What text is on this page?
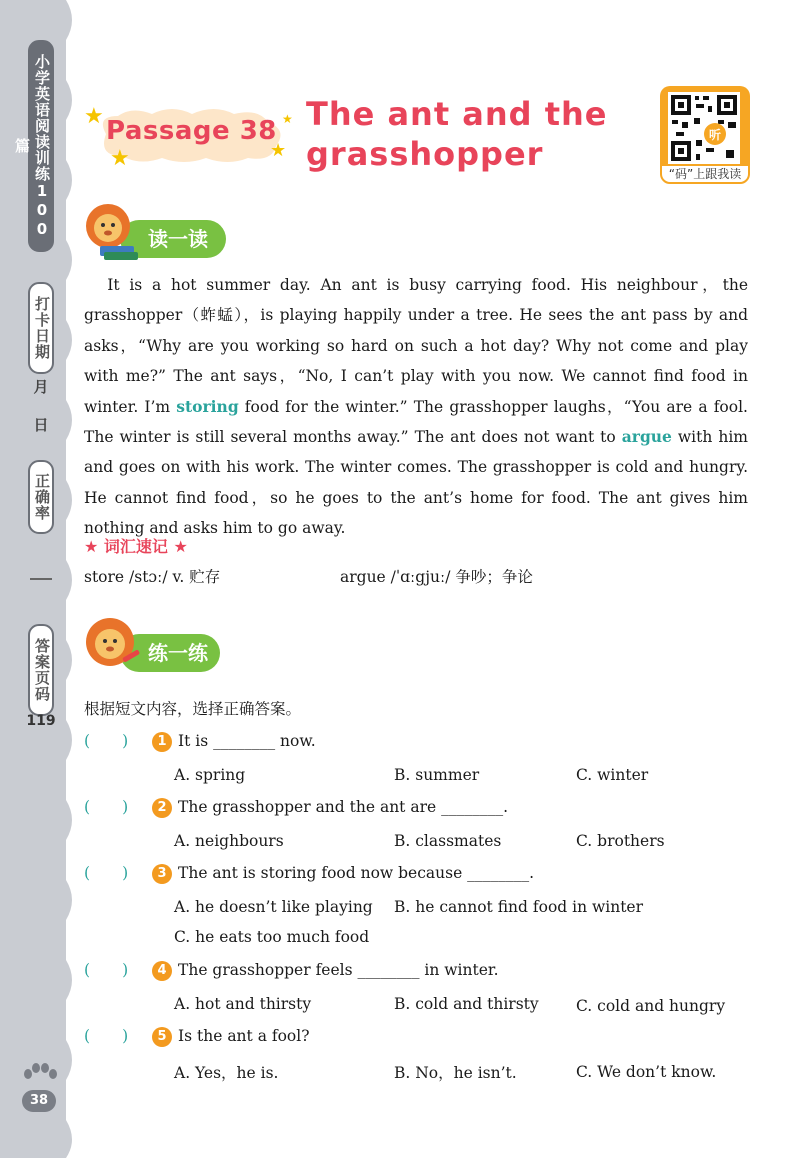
小学英语阅读训练100篇
打卡日期
月
日
正确率
答案页码
119
38
Passage 38
★
★	★
★ The ant and the
grasshopper	听
“码”上跟我读
读一读

  It is a hot summer day. An ant is busy carrying food. His neighbour，the grasshopper（蚱蜢），is playing happily under a tree. He sees the ant pass by and asks，“Why are you working so hard on such a hot day? Why not come and play with me?” The ant says，“No, I can’t play with you now. We cannot find food in winter. I’m storing food for the winter.” The grasshopper laughs，“You are a fool. The winter is still several months away.” The ant does not want to argue with him and goes on with his work. The winter comes. The grasshopper is cold and hungry. He cannot find food，so he goes to the ant’s home for food. The ant gives him nothing and asks him to go away.

★ 词汇速记 ★
store /stɔː/ v. 贮存	argue /ˈɑːgjuː/ 争吵；争论
练一练
根据短文内容，选择正确答案。
( ) 1 It is ________ now.
A. spring	B. summer	C. winter
( ) 2 The grasshopper and the ant are ________.
A. neighbours	B. classmates	C. brothers
( ) 3 The ant is storing food now because ________.
A. he doesn’t like playing B. he cannot find food in winter
C. he eats too much food
( ) 4 The grasshopper feels ________ in winter.
A. hot and thirsty	B. cold and thirsty C. cold and hungry
( ) 5 Is the ant a fool?
A. Yes，he is.	B. No，he isn’t.	C. We don’t know.
